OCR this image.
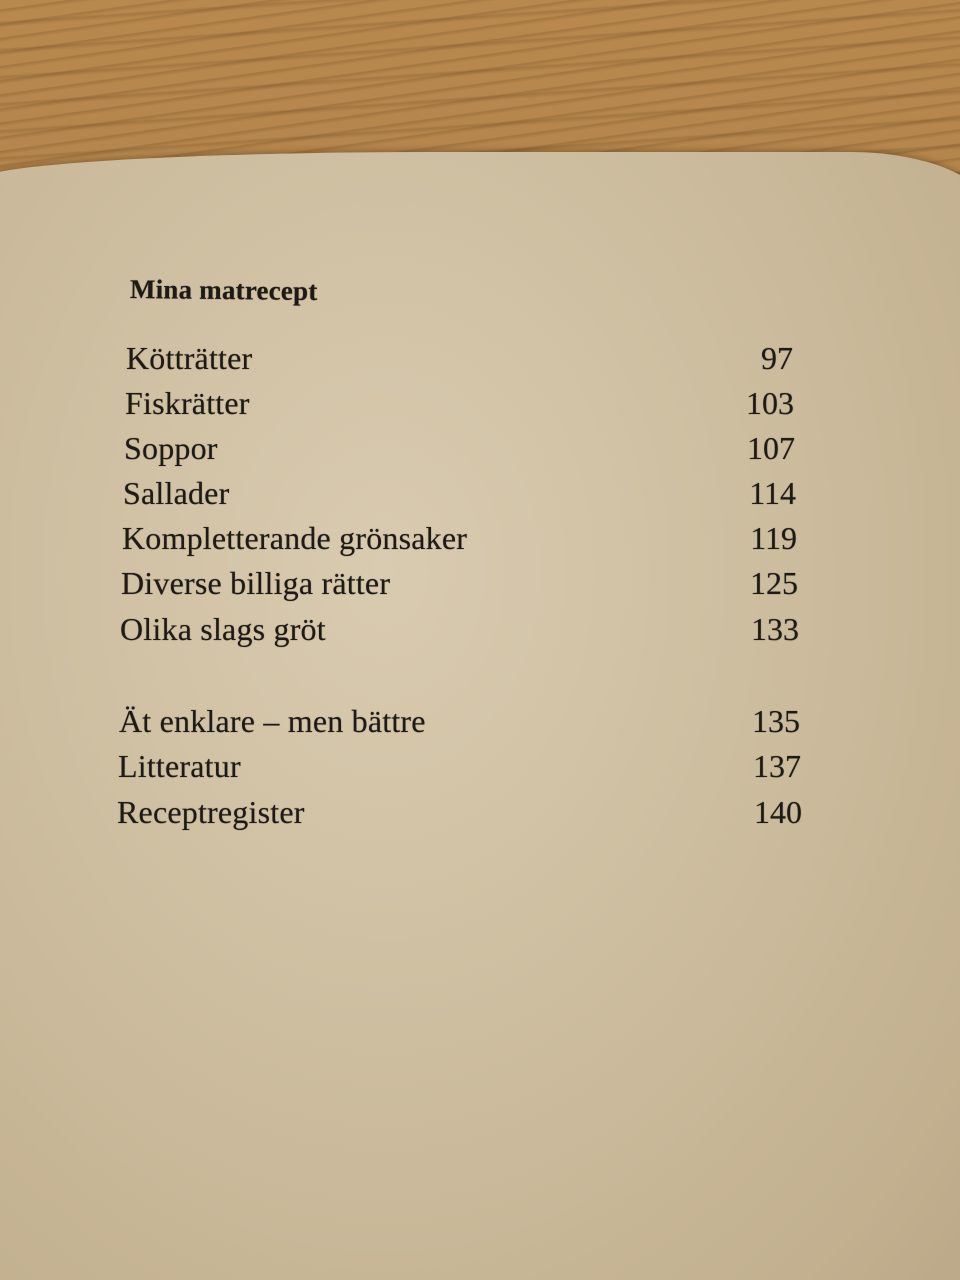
Mina matrecept
Kötträtter	97
Fiskrätter	103
Soppor	107
Sallader	114
Kompletterande grönsaker	119
Diverse billiga rätter	125
Olika slags gröt	133
Ät enklare – men bättre	135
Litteratur	137
Receptregister	140
